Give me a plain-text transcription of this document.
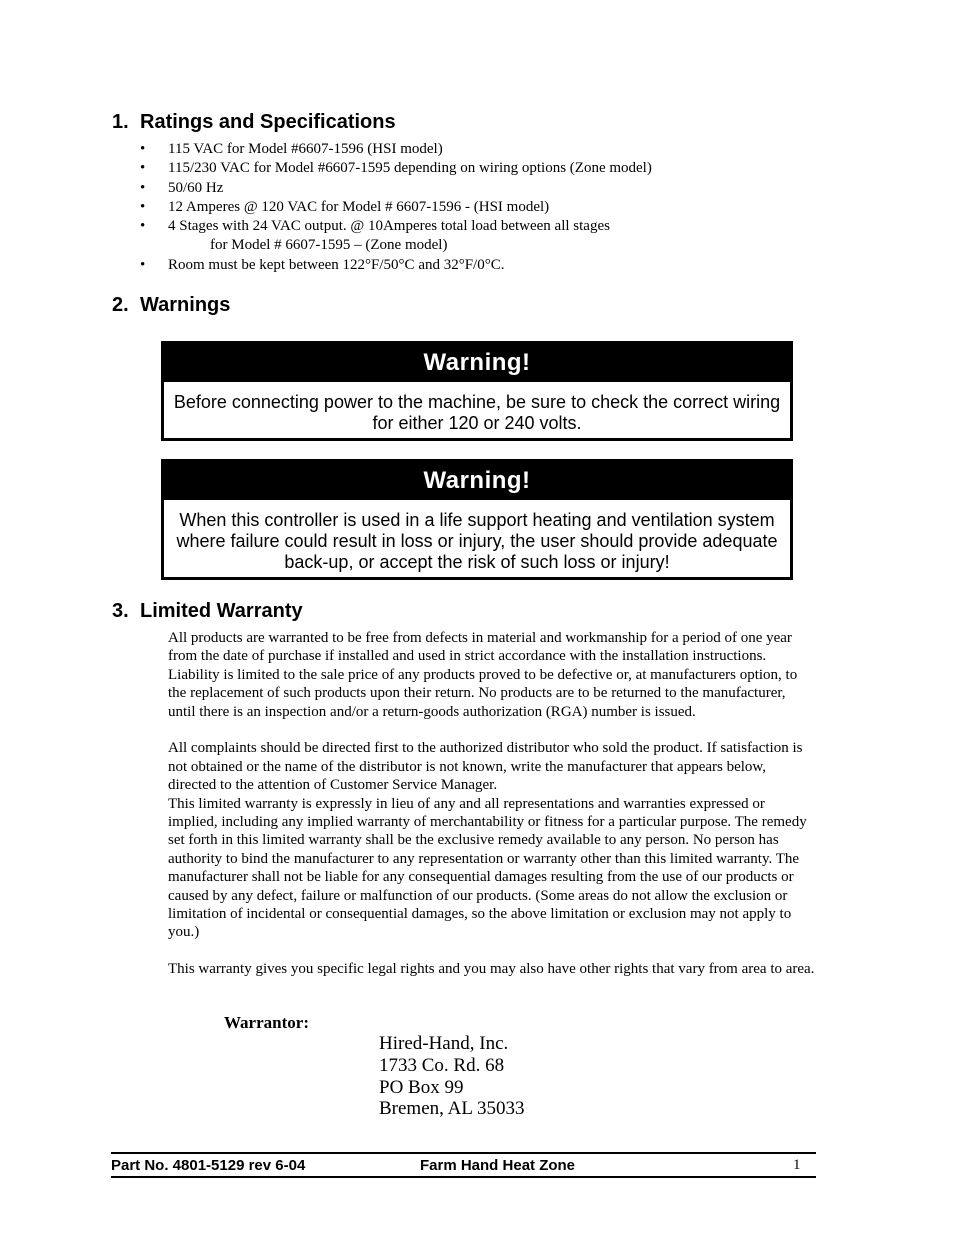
1. Ratings and Specifications
• 115 VAC for Model #6607-1596 (HSI model)
• 115/230 VAC for Model #6607-1595 depending on wiring options (Zone model)
• 50/60 Hz
• 12 Amperes @ 120 VAC for Model # 6607-1596 - (HSI model)
• 4 Stages with 24 VAC output. @ 10Amperes total load between all stages
for Model # 6607-1595 – (Zone model)
• Room must be kept between 122°F/50°C and 32°F/0°C.
2. Warnings
Warning!
Before connecting power to the machine, be sure to check the correct wiring for either 120 or 240 volts.
Warning!
When this controller is used in a life support heating and ventilation system where failure could result in loss or injury, the user should provide adequate back-up, or accept the risk of such loss or injury!
3. Limited Warranty

All products are warranted to be free from defects in material and workmanship for a period of one year from the date of purchase if installed and used in strict accordance with the installation instructions. Liability is limited to the sale price of any products proved to be defective or, at manufacturers option, to the replacement of such products upon their return. No products are to be returned to the manufacturer, until there is an inspection and/or a return-goods authorization (RGA) number is issued.

All complaints should be directed first to the authorized distributor who sold the product. If satisfaction is not obtained or the name of the distributor is not known, write the manufacturer that appears below, directed to the attention of Customer Service Manager.

This limited warranty is expressly in lieu of any and all representations and warranties expressed or implied, including any implied warranty of merchantability or fitness for a particular purpose. The remedy set forth in this limited warranty shall be the exclusive remedy available to any person. No person has authority to bind the manufacturer to any representation or warranty other than this limited warranty. The manufacturer shall not be liable for any consequential damages resulting from the use of our products or caused by any defect, failure or malfunction of our products. (Some areas do not allow the exclusion or limitation of incidental or consequential damages, so the above limitation or exclusion may not apply to you.)

This warranty gives you specific legal rights and you may also have other rights that vary from area to area.

Warrantor:
Hired-Hand, Inc.
1733 Co. Rd. 68
PO Box 99
Bremen, AL 35033
Part No. 4801-5129 rev 6-04	Farm Hand Heat Zone	1
